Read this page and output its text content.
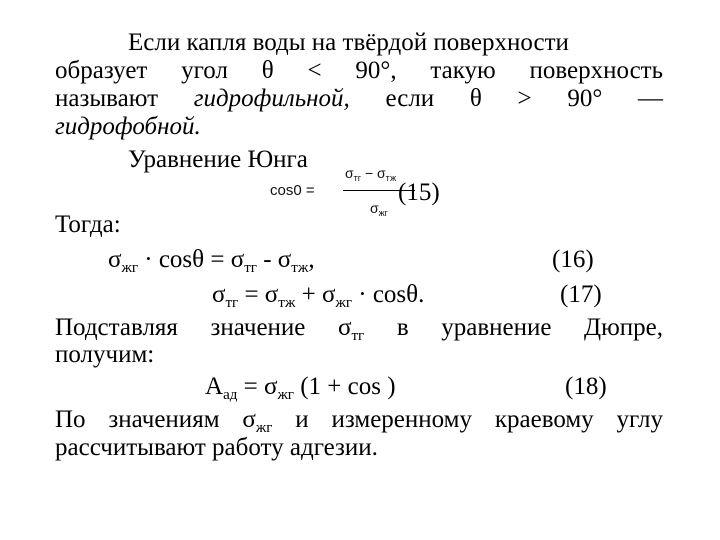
Если капля воды на твёрдой поверхности
образует угол θ < 90°, такую поверхность
называют гидрофильной, если θ > 90° —
гидрофобной.
Уравнение Юнга
cos0 =
$\sigma_{тг} - \sigma_{тж}$
$\sigma_{жг}$
(15)
Тогда:
$\sigma_{жг} \cdot \cos\theta = \sigma_{тг} - \sigma_{тж}$,	(16)
$\sigma_{тг} = \sigma_{тж} + \sigma_{жг} \cdot \cos\theta$.	(17)
Подставляя значение $\sigma_{тг}$ в уравнение Дюпре,
получим:
$A_{ад} = \sigma_{жг}$ (1 + cos )	(18)
По значениям $\sigma_{жг}$ и измеренному краевому углу
рассчитывают работу адгезии.
